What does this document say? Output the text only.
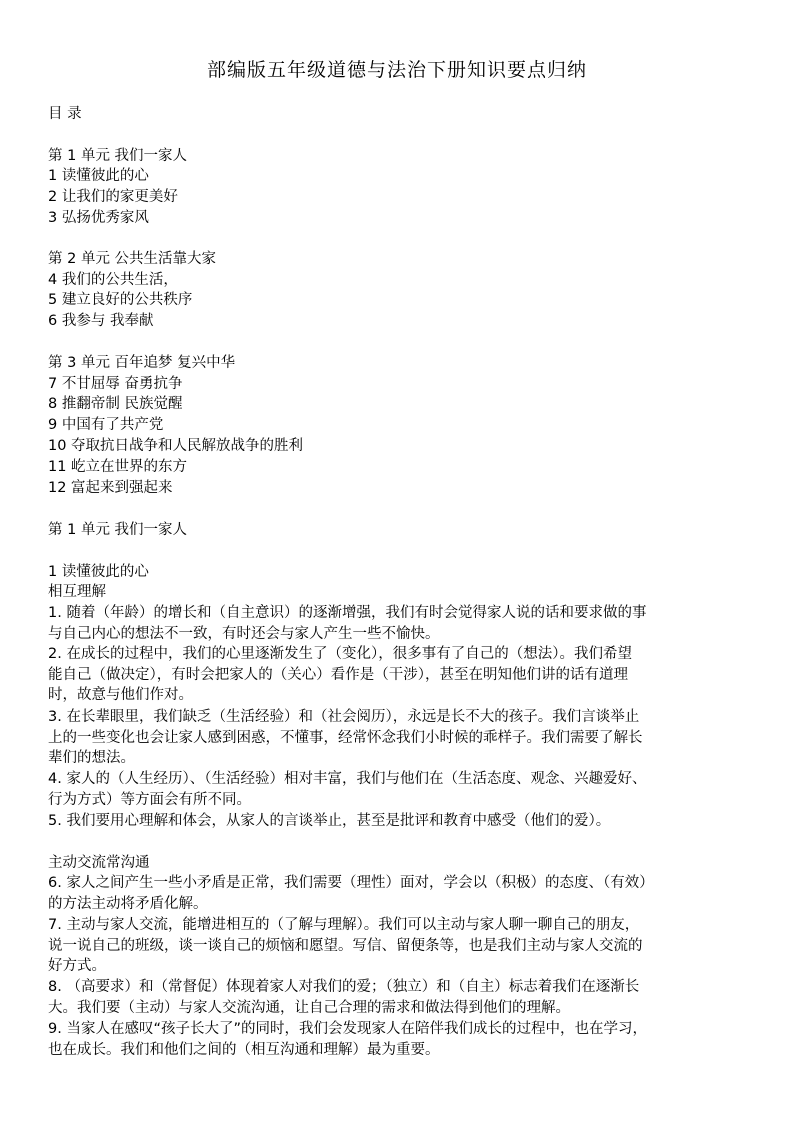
部编版五年级道德与法治下册知识要点归纳
目 录
第 1 单元 我们一家人
1 读懂彼此的心
2 让我们的家更美好
3 弘扬优秀家风
第 2 单元 公共生活靠大家
4 我们的公共生活，
5 建立良好的公共秩序
6 我参与 我奉献
第 3 单元 百年追梦 复兴中华
7 不甘屈辱 奋勇抗争
8 推翻帝制 民族觉醒
9 中国有了共产党
10 夺取抗日战争和人民解放战争的胜利
11 屹立在世界的东方
12 富起来到强起来
第 1 单元 我们一家人
1 读懂彼此的心
相互理解
1. 随着（年龄）的增长和（自主意识）的逐渐增强，我们有时会觉得家人说的话和要求做的事
与自己内心的想法不一致，有时还会与家人产生一些不愉快。
2. 在成长的过程中，我们的心里逐渐发生了（变化），很多事有了自己的（想法）。我们希望
能自己（做决定），有时会把家人的（关心）看作是（干涉），甚至在明知他们讲的话有道理
时，故意与他们作对。
3. 在长辈眼里，我们缺乏（生活经验）和（社会阅历），永远是长不大的孩子。我们言谈举止
上的一些变化也会让家人感到困惑，不懂事，经常怀念我们小时候的乖样子。我们需要了解长
辈们的想法。
4. 家人的（人生经历）、（生活经验）相对丰富，我们与他们在（生活态度、观念、兴趣爱好、
行为方式）等方面会有所不同。
5. 我们要用心理解和体会，从家人的言谈举止，甚至是批评和教育中感受（他们的爱）。
主动交流常沟通
6. 家人之间产生一些小矛盾是正常，我们需要（理性）面对，学会以（积极）的态度、（有效）
的方法主动将矛盾化解。
7. 主动与家人交流，能增进相互的（了解与理解）。我们可以主动与家人聊一聊自己的朋友，
说一说自己的班级，谈一谈自己的烦恼和愿望。写信、留便条等，也是我们主动与家人交流的
好方式。
8. （高要求）和（常督促）体现着家人对我们的爱；（独立）和（自主）标志着我们在逐渐长
大。我们要（主动）与家人交流沟通，让自己合理的需求和做法得到他们的理解。
9. 当家人在感叹“孩子长大了”的同时，我们会发现家人在陪伴我们成长的过程中，也在学习，
也在成长。我们和他们之间的（相互沟通和理解）最为重要。
